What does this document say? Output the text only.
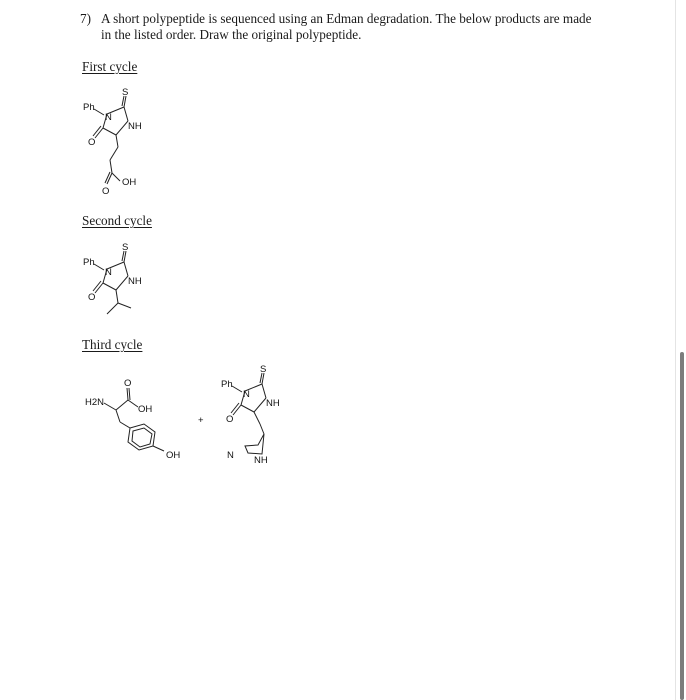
7) A short polypeptide is sequenced using an Edman degradation. The below products are made in the listed order. Draw the original polypeptide.
First cycle
S
Ph
N
NH
O
OH
O
Second cycle
S
Ph
N
NH
O
Third cycle
H2N
O
OH
OH
+
S
Ph
N
NH
O
N NH
